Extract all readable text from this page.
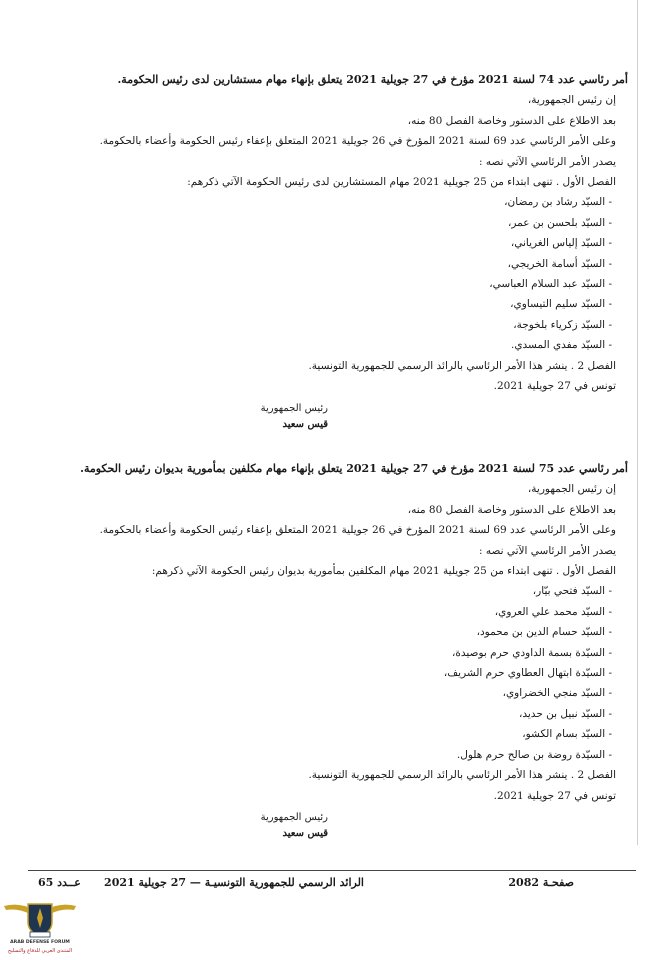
أمر رئاسي عدد 74 لسنة 2021 مؤرخ في 27 جويلية 2021 يتعلق بإنهاء مهام مستشارين لدى رئيس الحكومة.
إن رئيس الجمهورية،
بعد الاطلاع على الدستور وخاصة الفصل 80 منه،
وعلى الأمر الرئاسي عدد 69 لسنة 2021 المؤرخ في 26 جويلية 2021 المتعلق بإعفاء رئيس الحكومة وأعضاء بالحكومة.
يصدر الأمر الرئاسي الآتي نصه :
الفصل الأول . تنهى ابتداء من 25 جويلية 2021 مهام المستشارين لدى رئيس الحكومة الآتي ذكرهم:
- السيّد رشاد بن رمضان،
- السيّد بلحسن بن عمر،
- السيّد إلياس الغرياني،
- السيّد أسامة الخريجي،
- السيّد عبد السلام العباسي،
- السيّد سليم التيساوي،
- السيّد زكرياء بلخوجة،
- السيّد مفدي المسدي.
الفصل 2 . ينشر هذا الأمر الرئاسي بالرائد الرسمي للجمهورية التونسية.
تونس في 27 جويلية 2021.
رئيس الجمهورية
قيس سعيد
أمر رئاسي عدد 75 لسنة 2021 مؤرخ في 27 جويلية 2021 يتعلق بإنهاء مهام مكلفين بمأمورية بديوان رئيس الحكومة.
إن رئيس الجمهورية،
بعد الاطلاع على الدستور وخاصة الفصل 80 منه،
وعلى الأمر الرئاسي عدد 69 لسنة 2021 المؤرخ في 26 جويلية 2021 المتعلق بإعفاء رئيس الحكومة وأعضاء بالحكومة.
يصدر الأمر الرئاسي الآتي نصه :
الفصل الأول . تنهى ابتداء من 25 جويلية 2021 مهام المكلفين بمأمورية بديوان رئيس الحكومة الآتي ذكرهم:
- السيّد فتحي بيّار،
- السيّد محمد علي العروي،
- السيّد حسام الدين بن محمود،
- السيّدة بسمة الداودي حرم بوصيدة،
- السيّدة ابتهال العطاوي حرم الشريف،
- السيّد منجي الخضراوي،
- السيّد نبيل بن حديد،
- السيّد بسام الكشو،
- السيّدة روضة بن صالح حرم هلول.
الفصل 2 . ينشر هذا الأمر الرئاسي بالرائد الرسمي للجمهورية التونسية.
تونس في 27 جويلية 2021.
رئيس الجمهورية
قيس سعيد
صفحـة 2082
الرائد الرسمي للجمهورية التونسيـة — 27 جويلية 2021
عــدد 65
ARAB DEFENSE FORUM
المنتدى العربي للدفاع والتسليح
